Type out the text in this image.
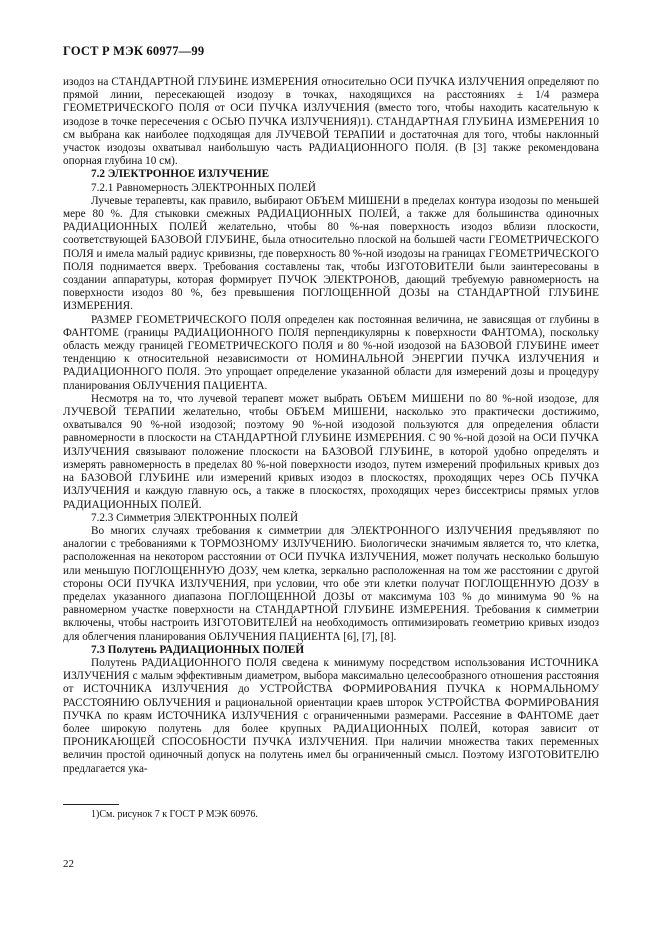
ГОСТ Р МЭК 60977—99

изодоз на СТАНДАРТНОЙ ГЛУБИНЕ ИЗМЕРЕНИЯ относительно ОСИ ПУЧКА ИЗЛУЧЕНИЯ определяют по прямой линии, пересекающей изодозу в точках, находящихся на расстояниях ± 1/4 размера ГЕОМЕТРИЧЕСКОГО ПОЛЯ от ОСИ ПУЧКА ИЗЛУЧЕНИЯ (вместо того, чтобы находить касательную к изодозе в точке пересечения с ОСЬЮ ПУЧКА ИЗЛУЧЕНИЯ)1). СТАНДАРТНАЯ ГЛУБИНА ИЗМЕРЕНИЯ 10 см выбрана как наиболее подходящая для ЛУЧЕВОЙ ТЕРАПИИ и достаточная для того, чтобы наклонный участок изодозы охватывал наибольшую часть РАДИАЦИОННОГО ПОЛЯ. (В [3] также рекомендована опорная глубина 10 см).

7.2 ЭЛЕКТРОННОЕ ИЗЛУЧЕНИЕ
7.2.1 Равномерность ЭЛЕКТРОННЫХ ПОЛЕЙ

Лучевые терапевты, как правило, выбирают ОБЪЕМ МИШЕНИ в пределах контура изодозы по меньшей мере 80 %. Для стыковки смежных РАДИАЦИОННЫХ ПОЛЕЙ, а также для большинства одиночных РАДИАЦИОННЫХ ПОЛЕЙ желательно, чтобы 80 %-ная поверхность изодоз вблизи плоскости, соответствующей БАЗОВОЙ ГЛУБИНЕ, была относительно плоской на большей части ГЕОМЕТРИЧЕСКОГО ПОЛЯ и имела малый радиус кривизны, где поверхность 80 %-ной изодозы на границах ГЕОМЕТРИЧЕСКОГО ПОЛЯ поднимается вверх. Требования составлены так, чтобы ИЗГОТОВИТЕЛИ были заинтересованы в создании аппаратуры, которая формирует ПУЧОК ЭЛЕКТРОНОВ, дающий требуемую равномерность на поверхности изодоз 80 %, без превышения ПОГЛОЩЕННОЙ ДОЗЫ на СТАНДАРТНОЙ ГЛУБИНЕ ИЗМЕРЕНИЯ.

РАЗМЕР ГЕОМЕТРИЧЕСКОГО ПОЛЯ определен как постоянная величина, не зависящая от глубины в ФАНТОМЕ (границы РАДИАЦИОННОГО ПОЛЯ перпендикулярны к поверхности ФАНТОМА), поскольку область между границей ГЕОМЕТРИЧЕСКОГО ПОЛЯ и 80 %-ной изодозой на БАЗОВОЙ ГЛУБИНЕ имеет тенденцию к относительной независимости от НОМИНАЛЬНОЙ ЭНЕРГИИ ПУЧКА ИЗЛУЧЕНИЯ и РАДИАЦИОННОГО ПОЛЯ. Это упрощает определение указанной области для измерений дозы и процедуру планирования ОБЛУЧЕНИЯ ПАЦИЕНТА.

Несмотря на то, что лучевой терапевт может выбрать ОБЪЕМ МИШЕНИ по 80 %-ной изодозе, для ЛУЧЕВОЙ ТЕРАПИИ желательно, чтобы ОБЪЕМ МИШЕНИ, насколько это практически достижимо, охватывался 90 %-ной изодозой; поэтому 90 %-ной изодозой пользуются для определения области равномерности в плоскости на СТАНДАРТНОЙ ГЛУБИНЕ ИЗМЕРЕНИЯ. С 90 %-ной дозой на ОСИ ПУЧКА ИЗЛУЧЕНИЯ связывают положение плоскости на БАЗОВОЙ ГЛУБИНЕ, в которой удобно определять и измерять равномерность в пределах 80 %-ной поверхности изодоз, путем измерений профильных кривых доз на БАЗОВОЙ ГЛУБИНЕ или измерений кривых изодоз в плоскостях, проходящих через ОСЬ ПУЧКА ИЗЛУЧЕНИЯ и каждую главную ось, а также в плоскостях, проходящих через биссектрисы прямых углов РАДИАЦИОННЫХ ПОЛЕЙ.

7.2.3 Симметрия ЭЛЕКТРОННЫХ ПОЛЕЙ

Во многих случаях требования к симметрии для ЭЛЕКТРОННОГО ИЗЛУЧЕНИЯ предъявляют по аналогии с требованиями к ТОРМОЗНОМУ ИЗЛУЧЕНИЮ. Биологически значимым является то, что клетка, расположенная на некотором расстоянии от ОСИ ПУЧКА ИЗЛУЧЕНИЯ, может получать несколько большую или меньшую ПОГЛОЩЕННУЮ ДОЗУ, чем клетка, зеркально расположенная на том же расстоянии с другой стороны ОСИ ПУЧКА ИЗЛУЧЕНИЯ, при условии, что обе эти клетки получат ПОГЛОЩЕННУЮ ДОЗУ в пределах указанного диапазона ПОГЛОЩЕННОЙ ДОЗЫ от максимума 103 % до минимума 90 % на равномерном участке поверхности на СТАНДАРТНОЙ ГЛУБИНЕ ИЗМЕРЕНИЯ. Требования к симметрии включены, чтобы настроить ИЗГОТОВИТЕЛЕЙ на необходимость оптимизировать геометрию кривых изодоз для облегчения планирования ОБЛУЧЕНИЯ ПАЦИЕНТА [6], [7], [8].

7.3 Полутень РАДИАЦИОННЫХ ПОЛЕЙ

Полутень РАДИАЦИОННОГО ПОЛЯ сведена к минимуму посредством использования ИСТОЧНИКА ИЗЛУЧЕНИЯ с малым эффективным диаметром, выбора максимально целесообразного отношения расстояния от ИСТОЧНИКА ИЗЛУЧЕНИЯ до УСТРОЙСТВА ФОРМИРОВАНИЯ ПУЧКА к НОРМАЛЬНОМУ РАССТОЯНИЮ ОБЛУЧЕНИЯ и рациональной ориентации краев шторок УСТРОЙСТВА ФОРМИРОВАНИЯ ПУЧКА по краям ИСТОЧНИКА ИЗЛУЧЕНИЯ с ограниченными размерами. Рассеяние в ФАНТОМЕ дает более широкую полутень для более крупных РАДИАЦИОННЫХ ПОЛЕЙ, которая зависит от ПРОНИКАЮЩЕЙ СПОСОБНОСТИ ПУЧКА ИЗЛУЧЕНИЯ. При наличии множества таких переменных величин простой одиночный допуск на полутень имел бы ограниченный смысл. Поэтому ИЗГОТОВИТЕЛЮ предлагается ука-

1)См. рисунок 7 к ГОСТ Р МЭК 60976.
22
